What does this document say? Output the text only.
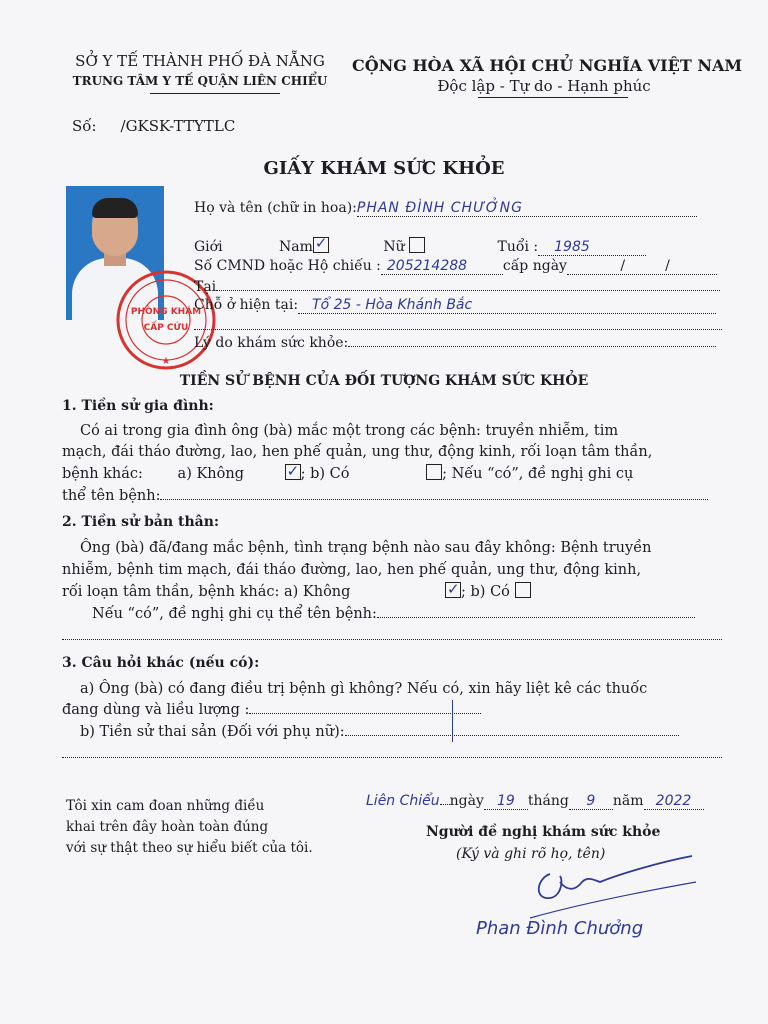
SỞ Y TẾ THÀNH PHỐ ĐÀ NẴNG
TRUNG TÂM Y TẾ QUẬN LIÊN CHIỂU
CỘNG HÒA XÃ HỘI CHỦ NGHĨA VIỆT NAM
Độc lập - Tự do - Hạnh phúc
Số: /GKSK-TTYTLC
GIẤY KHÁM SỨC KHỎE
PHÒNG KHÁM
CẤP CỨU
★
Họ và tên (chữ in hoa):PHAN ĐÌNH CHƯỞNG
Giới	Nam ✓	Nữ	Tuổi : 1985
Số CMND hoặc Hộ chiếu : 205214288	cấp ngày            /         /
Tại
Chỗ ở hiện tại: Tổ 25 - Hòa Khánh Bắc
Lý do khám sức khỏe:
TIỀN SỬ BỆNH CỦA ĐỐI TƯỢNG KHÁM SỨC KHỎE
1. Tiền sử gia đình:
Có ai trong gia đình ông (bà) mắc một trong các bệnh: truyền nhiễm, tim
mạch, đái tháo đường, lao, hen phế quản, ung thư, động kinh, rối loạn tâm thần,
bệnh khác: a) Không	✓ ; b) Có	; Nếu “có”, đề nghị ghi cụ
thể tên bệnh:
2. Tiền sử bản thân:
Ông (bà) đã/đang mắc bệnh, tình trạng bệnh nào sau đây không: Bệnh truyền
nhiễm, bệnh tim mạch, đái tháo đường, lao, hen phế quản, ung thư, động kinh,
rối loạn tâm thần, bệnh khác: a) Không	✓ ; b) Có
Nếu “có”, đề nghị ghi cụ thể tên bệnh:
3. Câu hỏi khác (nếu có):
a) Ông (bà) có đang điều trị bệnh gì không? Nếu có, xin hãy liệt kê các thuốc
đang dùng và liều lượng :
b) Tiền sử thai sản (Đối với phụ nữ):
Tôi xin cam đoan những điều
khai trên đây hoàn toàn đúng
với sự thật theo sự hiểu biết của tôi.
Liên Chiểu ngày 19 tháng 9 năm 2022
Người đề nghị khám sức khỏe
(Ký và ghi rõ họ, tên)
Phan Đình Chưởng
